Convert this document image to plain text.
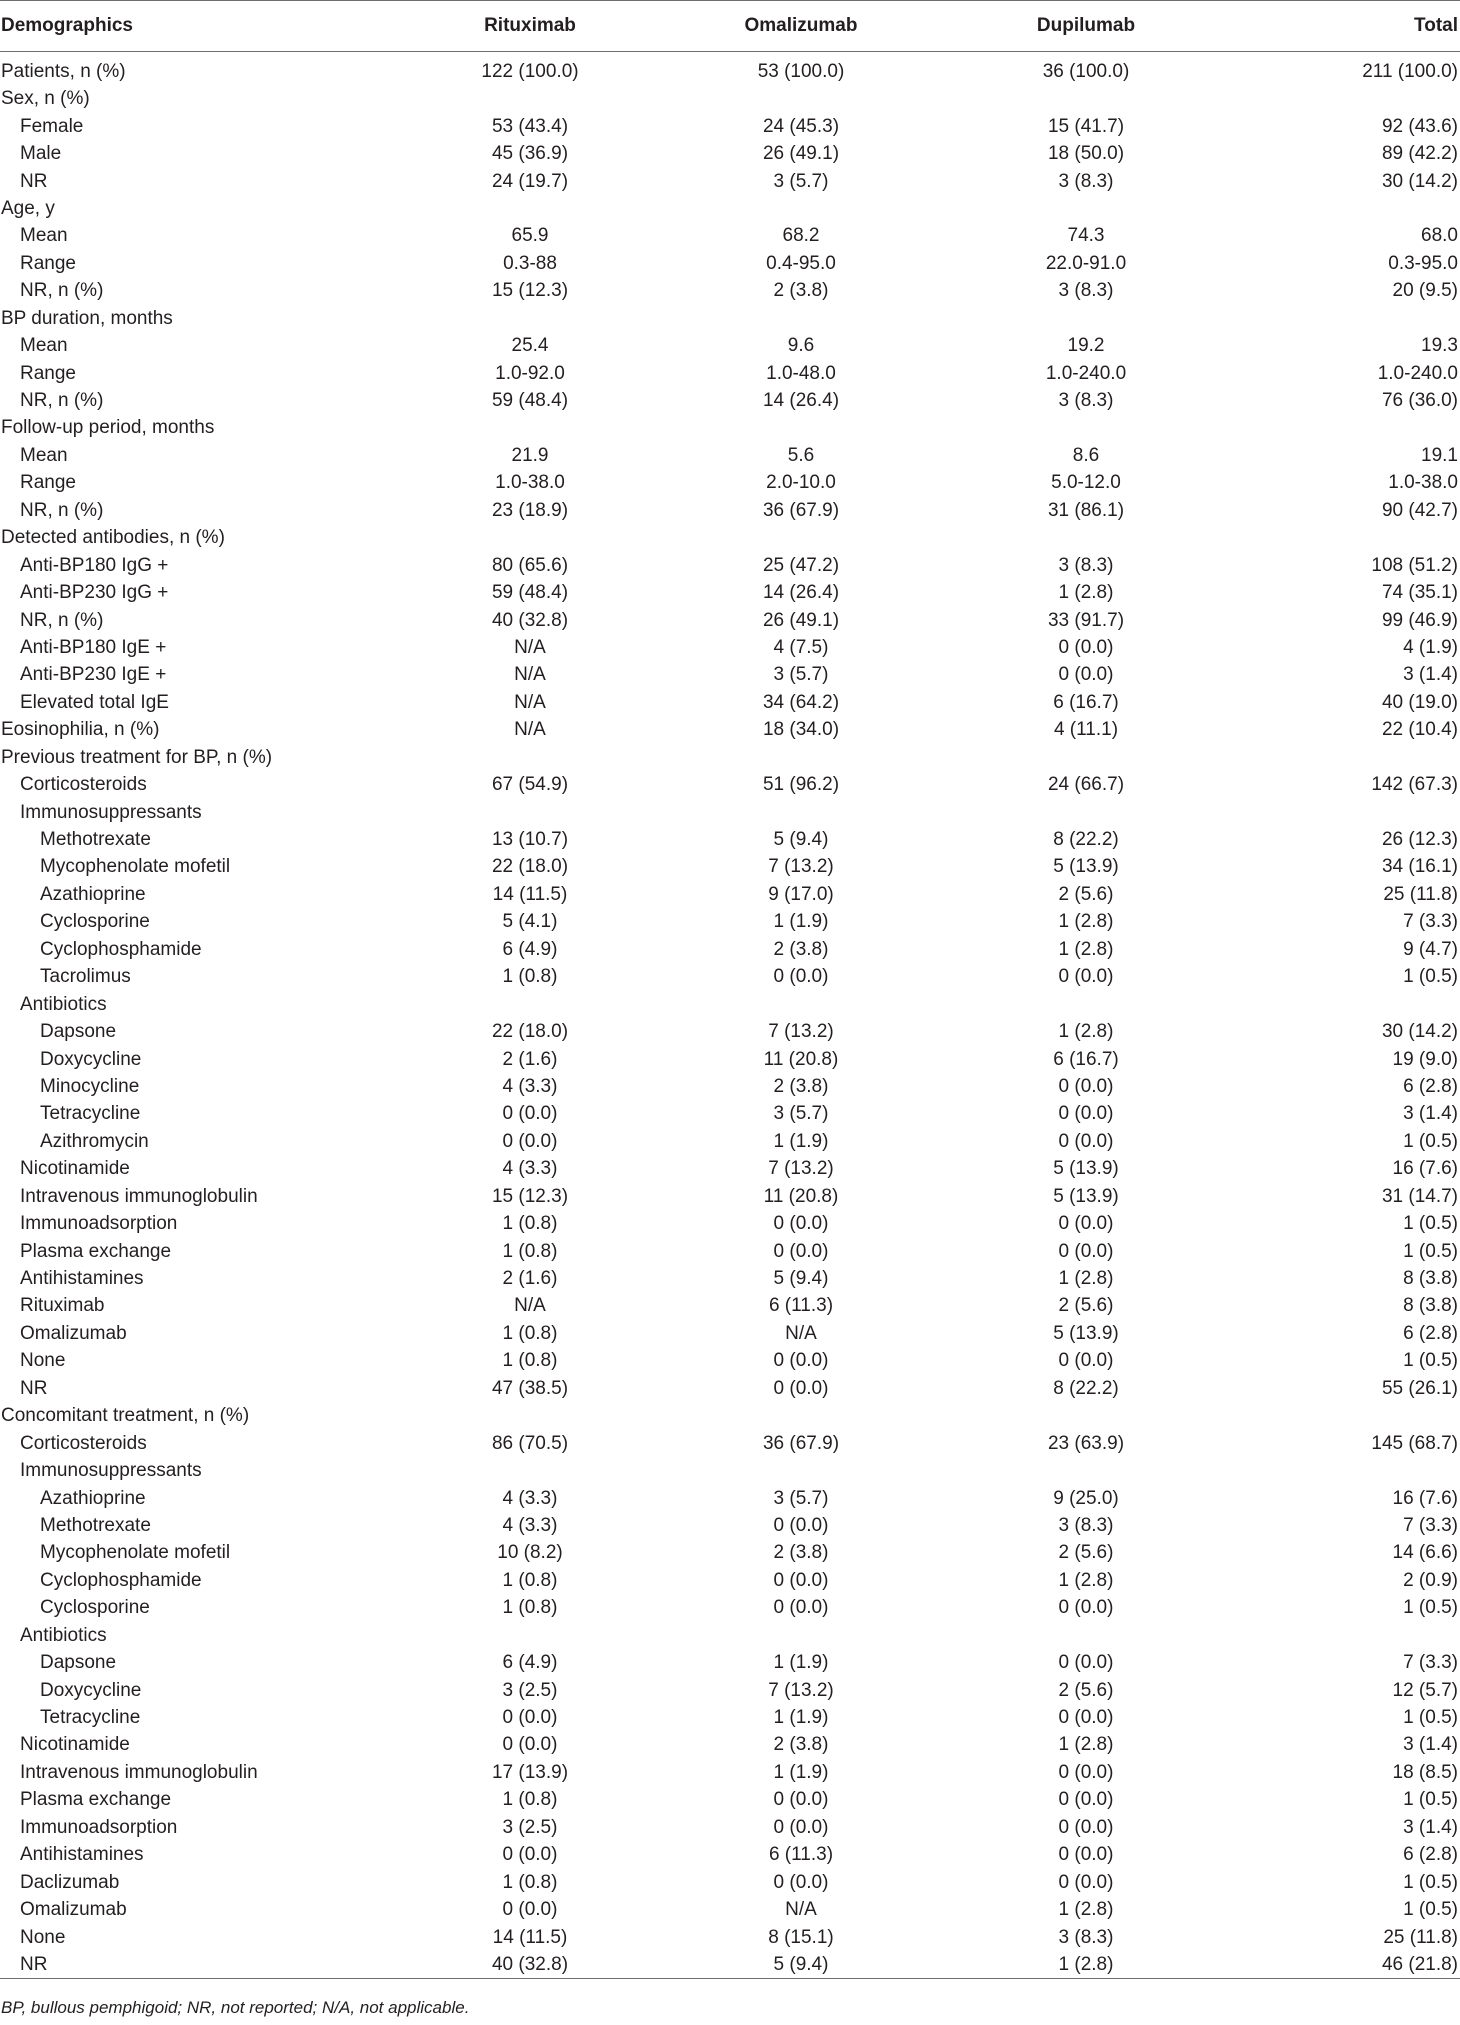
Demographics	Rituximab	Omalizumab	Dupilumab	Total
Patients, n (%)	122 (100.0)	53 (100.0)	36 (100.0)	211 (100.0)
Sex, n (%)				
Female	53 (43.4)	24 (45.3)	15 (41.7)	92 (43.6)
Male	45 (36.9)	26 (49.1)	18 (50.0)	89 (42.2)
NR	24 (19.7)	3 (5.7)	3 (8.3)	30 (14.2)
Age, y				
Mean	65.9	68.2	74.3	68.0
Range	0.3-88	0.4-95.0	22.0-91.0	0.3-95.0
NR, n (%)	15 (12.3)	2 (3.8)	3 (8.3)	20 (9.5)
BP duration, months				
Mean	25.4	9.6	19.2	19.3
Range	1.0-92.0	1.0-48.0	1.0-240.0	1.0-240.0
NR, n (%)	59 (48.4)	14 (26.4)	3 (8.3)	76 (36.0)
Follow-up period, months				
Mean	21.9	5.6	8.6	19.1
Range	1.0-38.0	2.0-10.0	5.0-12.0	1.0-38.0
NR, n (%)	23 (18.9)	36 (67.9)	31 (86.1)	90 (42.7)
Detected antibodies, n (%)				
Anti-BP180 IgG +	80 (65.6)	25 (47.2)	3 (8.3)	108 (51.2)
Anti-BP230 IgG +	59 (48.4)	14 (26.4)	1 (2.8)	74 (35.1)
NR, n (%)	40 (32.8)	26 (49.1)	33 (91.7)	99 (46.9)
Anti-BP180 IgE +	N/A	4 (7.5)	0 (0.0)	4 (1.9)
Anti-BP230 IgE +	N/A	3 (5.7)	0 (0.0)	3 (1.4)
Elevated total IgE	N/A	34 (64.2)	6 (16.7)	40 (19.0)
Eosinophilia, n (%)	N/A	18 (34.0)	4 (11.1)	22 (10.4)
Previous treatment for BP, n (%)				
Corticosteroids	67 (54.9)	51 (96.2)	24 (66.7)	142 (67.3)
Immunosuppressants				
Methotrexate	13 (10.7)	5 (9.4)	8 (22.2)	26 (12.3)
Mycophenolate mofetil	22 (18.0)	7 (13.2)	5 (13.9)	34 (16.1)
Azathioprine	14 (11.5)	9 (17.0)	2 (5.6)	25 (11.8)
Cyclosporine	5 (4.1)	1 (1.9)	1 (2.8)	7 (3.3)
Cyclophosphamide	6 (4.9)	2 (3.8)	1 (2.8)	9 (4.7)
Tacrolimus	1 (0.8)	0 (0.0)	0 (0.0)	1 (0.5)
Antibiotics				
Dapsone	22 (18.0)	7 (13.2)	1 (2.8)	30 (14.2)
Doxycycline	2 (1.6)	11 (20.8)	6 (16.7)	19 (9.0)
Minocycline	4 (3.3)	2 (3.8)	0 (0.0)	6 (2.8)
Tetracycline	0 (0.0)	3 (5.7)	0 (0.0)	3 (1.4)
Azithromycin	0 (0.0)	1 (1.9)	0 (0.0)	1 (0.5)
Nicotinamide	4 (3.3)	7 (13.2)	5 (13.9)	16 (7.6)
Intravenous immunoglobulin	15 (12.3)	11 (20.8)	5 (13.9)	31 (14.7)
Immunoadsorption	1 (0.8)	0 (0.0)	0 (0.0)	1 (0.5)
Plasma exchange	1 (0.8)	0 (0.0)	0 (0.0)	1 (0.5)
Antihistamines	2 (1.6)	5 (9.4)	1 (2.8)	8 (3.8)
Rituximab	N/A	6 (11.3)	2 (5.6)	8 (3.8)
Omalizumab	1 (0.8)	N/A	5 (13.9)	6 (2.8)
None	1 (0.8)	0 (0.0)	0 (0.0)	1 (0.5)
NR	47 (38.5)	0 (0.0)	8 (22.2)	55 (26.1)
Concomitant treatment, n (%)				
Corticosteroids	86 (70.5)	36 (67.9)	23 (63.9)	145 (68.7)
Immunosuppressants				
Azathioprine	4 (3.3)	3 (5.7)	9 (25.0)	16 (7.6)
Methotrexate	4 (3.3)	0 (0.0)	3 (8.3)	7 (3.3)
Mycophenolate mofetil	10 (8.2)	2 (3.8)	2 (5.6)	14 (6.6)
Cyclophosphamide	1 (0.8)	0 (0.0)	1 (2.8)	2 (0.9)
Cyclosporine	1 (0.8)	0 (0.0)	0 (0.0)	1 (0.5)
Antibiotics				
Dapsone	6 (4.9)	1 (1.9)	0 (0.0)	7 (3.3)
Doxycycline	3 (2.5)	7 (13.2)	2 (5.6)	12 (5.7)
Tetracycline	0 (0.0)	1 (1.9)	0 (0.0)	1 (0.5)
Nicotinamide	0 (0.0)	2 (3.8)	1 (2.8)	3 (1.4)
Intravenous immunoglobulin	17 (13.9)	1 (1.9)	0 (0.0)	18 (8.5)
Plasma exchange	1 (0.8)	0 (0.0)	0 (0.0)	1 (0.5)
Immunoadsorption	3 (2.5)	0 (0.0)	0 (0.0)	3 (1.4)
Antihistamines	0 (0.0)	6 (11.3)	0 (0.0)	6 (2.8)
Daclizumab	1 (0.8)	0 (0.0)	0 (0.0)	1 (0.5)
Omalizumab	0 (0.0)	N/A	1 (2.8)	1 (0.5)
None	14 (11.5)	8 (15.1)	3 (8.3)	25 (11.8)
NR	40 (32.8)	5 (9.4)	1 (2.8)	46 (21.8)
BP, bullous pemphigoid; NR, not reported; N/A, not applicable.
